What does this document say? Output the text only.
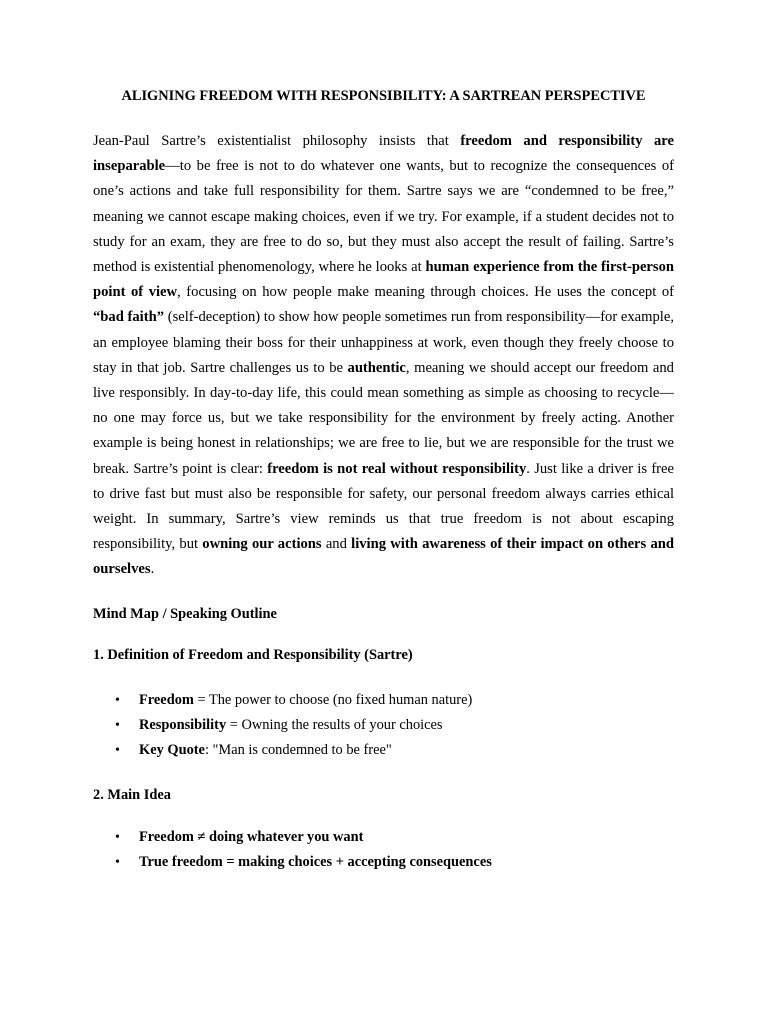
ALIGNING FREEDOM WITH RESPONSIBILITY: A SARTREAN PERSPECTIVE

Jean-Paul Sartre’s existentialist philosophy insists that freedom and responsibility are inseparable—to be free is not to do whatever one wants, but to recognize the consequences of one’s actions and take full responsibility for them. Sartre says we are “condemned to be free,” meaning we cannot escape making choices, even if we try. For example, if a student decides not to study for an exam, they are free to do so, but they must also accept the result of failing. Sartre’s method is existential phenomenology, where he looks at human experience from the first-person point of view, focusing on how people make meaning through choices. He uses the concept of “bad faith” (self-deception) to show how people sometimes run from responsibility—for example, an employee blaming their boss for their unhappiness at work, even though they freely choose to stay in that job. Sartre challenges us to be authentic, meaning we should accept our freedom and live responsibly. In day-to-day life, this could mean something as simple as choosing to recycle—no one may force us, but we take responsibility for the environment by freely acting. Another example is being honest in relationships; we are free to lie, but we are responsible for the trust we break. Sartre’s point is clear: freedom is not real without responsibility. Just like a driver is free to drive fast but must also be responsible for safety, our personal freedom always carries ethical weight. In summary, Sartre’s view reminds us that true freedom is not about escaping responsibility, but owning our actions and living with awareness of their impact on others and ourselves.

Mind Map / Speaking Outline

1. Definition of Freedom and Responsibility (Sartre)

• Freedom = The power to choose (no fixed human nature)
• Responsibility = Owning the results of your choices
• Key Quote: "Man is condemned to be free"

2. Main Idea

• Freedom ≠ doing whatever you want
• True freedom = making choices + accepting consequences
